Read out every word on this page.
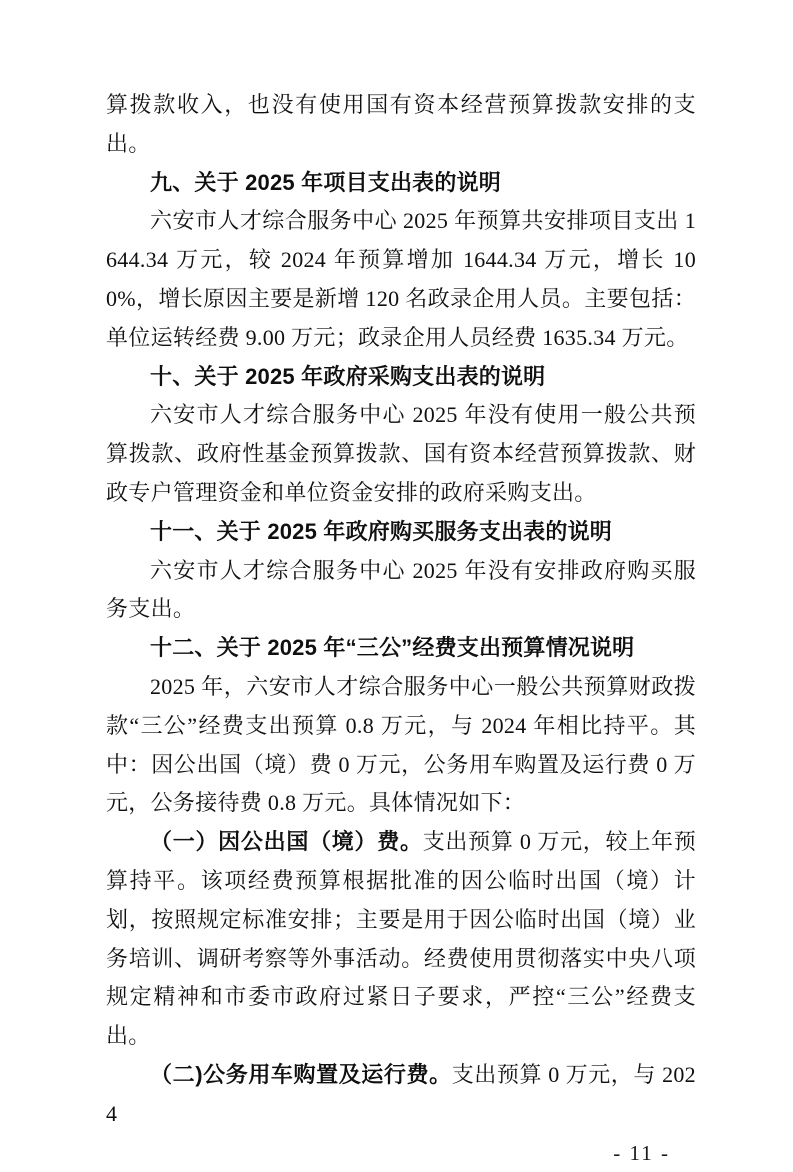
算拨款收入，也没有使用国有资本经营预算拨款安排的支出。

九、关于 2025 年项目支出表的说明

六安市人才综合服务中心 2025 年预算共安排项目支出 1644.34 万元，较 2024 年预算增加 1644.34 万元，增长 100%，增长原因主要是新增 120 名政录企用人员。主要包括：单位运转经费 9.00 万元；政录企用人员经费 1635.34 万元。

十、关于 2025 年政府采购支出表的说明

六安市人才综合服务中心 2025 年没有使用一般公共预算拨款、政府性基金预算拨款、国有资本经营预算拨款、财政专户管理资金和单位资金安排的政府采购支出。

十一、关于 2025 年政府购买服务支出表的说明

六安市人才综合服务中心 2025 年没有安排政府购买服务支出。

十二、关于 2025 年“三公”经费支出预算情况说明

2025 年，六安市人才综合服务中心一般公共预算财政拨款“三公”经费支出预算 0.8 万元，与 2024 年相比持平。其中：因公出国（境）费 0 万元，公务用车购置及运行费 0 万元，公务接待费 0.8 万元。具体情况如下：

（一）因公出国（境）费。支出预算 0 万元，较上年预算持平。该项经费预算根据批准的因公临时出国（境）计划，按照规定标准安排；主要是用于因公临时出国（境）业务培训、调研考察等外事活动。经费使用贯彻落实中央八项规定精神和市委市政府过紧日子要求，严控“三公”经费支出。

（二)公务用车购置及运行费。支出预算 0 万元，与 2024

- 11 -
